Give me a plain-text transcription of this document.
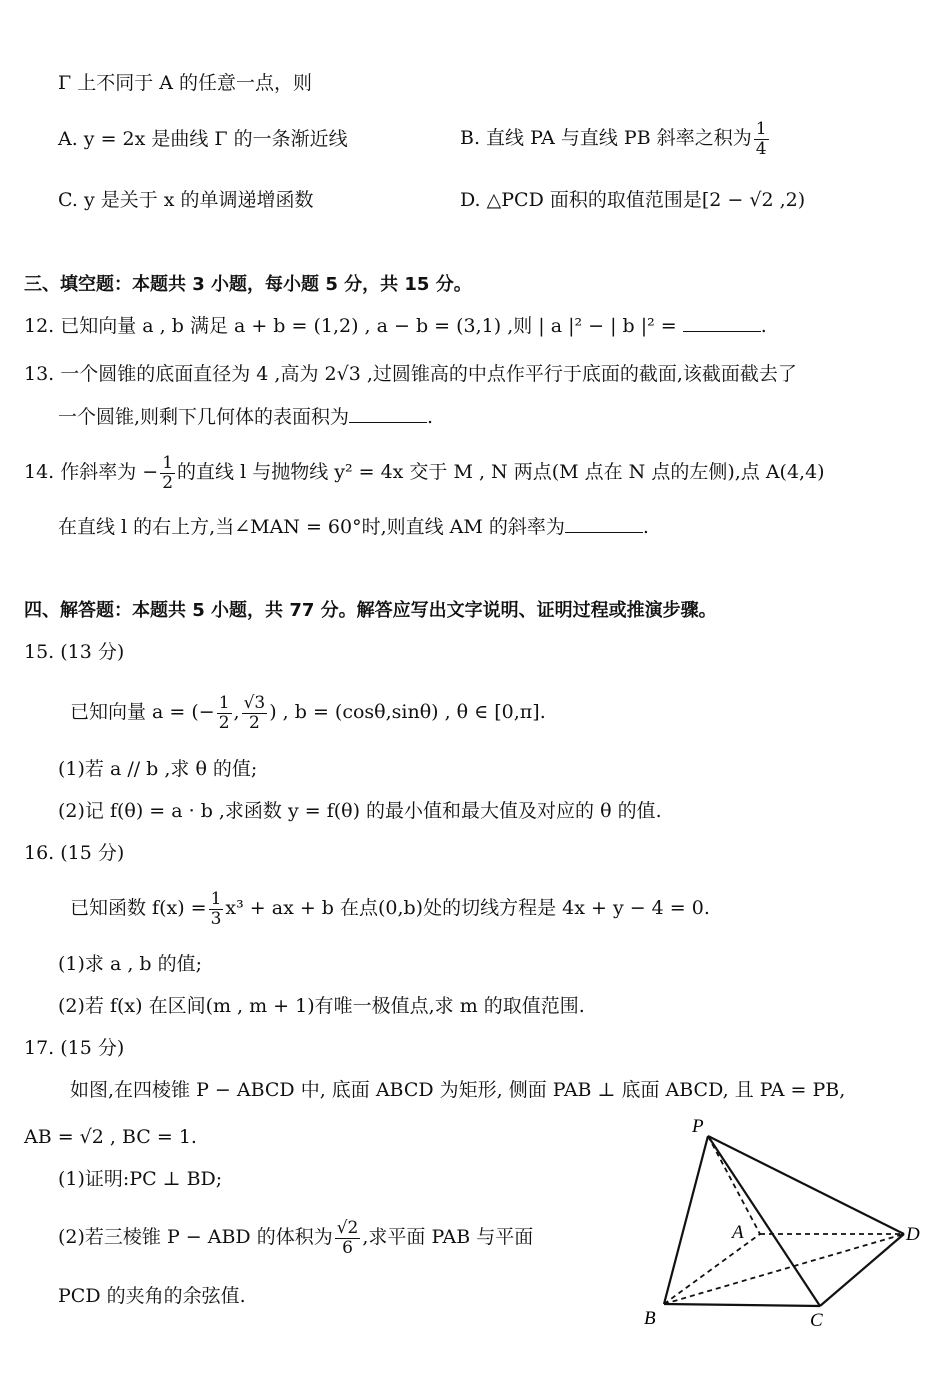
Γ 上不同于 A 的任意一点，则
A. y = 2x 是曲线 Γ 的一条渐近线	B. 直线 PA 与直线 PB 斜率之积为 $\frac{1}{4}$
C. y 是关于 x 的单调递增函数	D. △PCD 面积的取值范围是[2 − √2 ,2)
三、填空题：本题共 3 小题，每小题 5 分，共 15 分。
12. 已知向量 a , b 满足 a + b = (1,2) , a − b = (3,1) ,则 | a |² − | b |² =	.
13. 一个圆锥的底面直径为 4 ,高为 2√3 ,过圆锥高的中点作平行于底面的截面,该截面截去了
一个圆锥,则剩下几何体的表面积为	.
14. 作斜率为 − $\frac{1}{2}$ 的直线 l 与抛物线 y² = 4x 交于 M , N 两点(M 点在 N 点的左侧),点 A(4,4)
在直线 l 的右上方,当∠MAN = 60°时,则直线 AM 的斜率为	.
四、解答题：本题共 5 小题，共 77 分。解答应写出文字说明、证明过程或推演步骤。
15. (13 分)
已知向量 a = (− $\frac{1}{2}$ , $\frac{√3}{2}$ ) , b = (cosθ,sinθ) , θ ∈ [0,π].
(1)若 a // b ,求 θ 的值;
(2)记 f(θ) = a · b ,求函数 y = f(θ) 的最小值和最大值及对应的 θ 的值.
16. (15 分)
已知函数 $f(x) = \frac{1}{3} x^3$ + ax + b 在点(0,b)处的切线方程是 4x + y − 4 = 0.
(1)求 a , b 的值;
(2)若 f(x) 在区间(m , m + 1)有唯一极值点,求 m 的取值范围.
17. (15 分)
如图,在四棱锥 P − ABCD 中, 底面 ABCD 为矩形, 侧面 PAB ⊥ 底面 ABCD, 且 PA = PB,
AB = √2 , BC = 1.
(1)证明:PC ⊥ BD;
(2)若三棱锥 P − ABD 的体积为 $\frac{√2}{6}$ ,求平面 PAB 与平面
PCD 的夹角的余弦值.
P
A	D
B	C
